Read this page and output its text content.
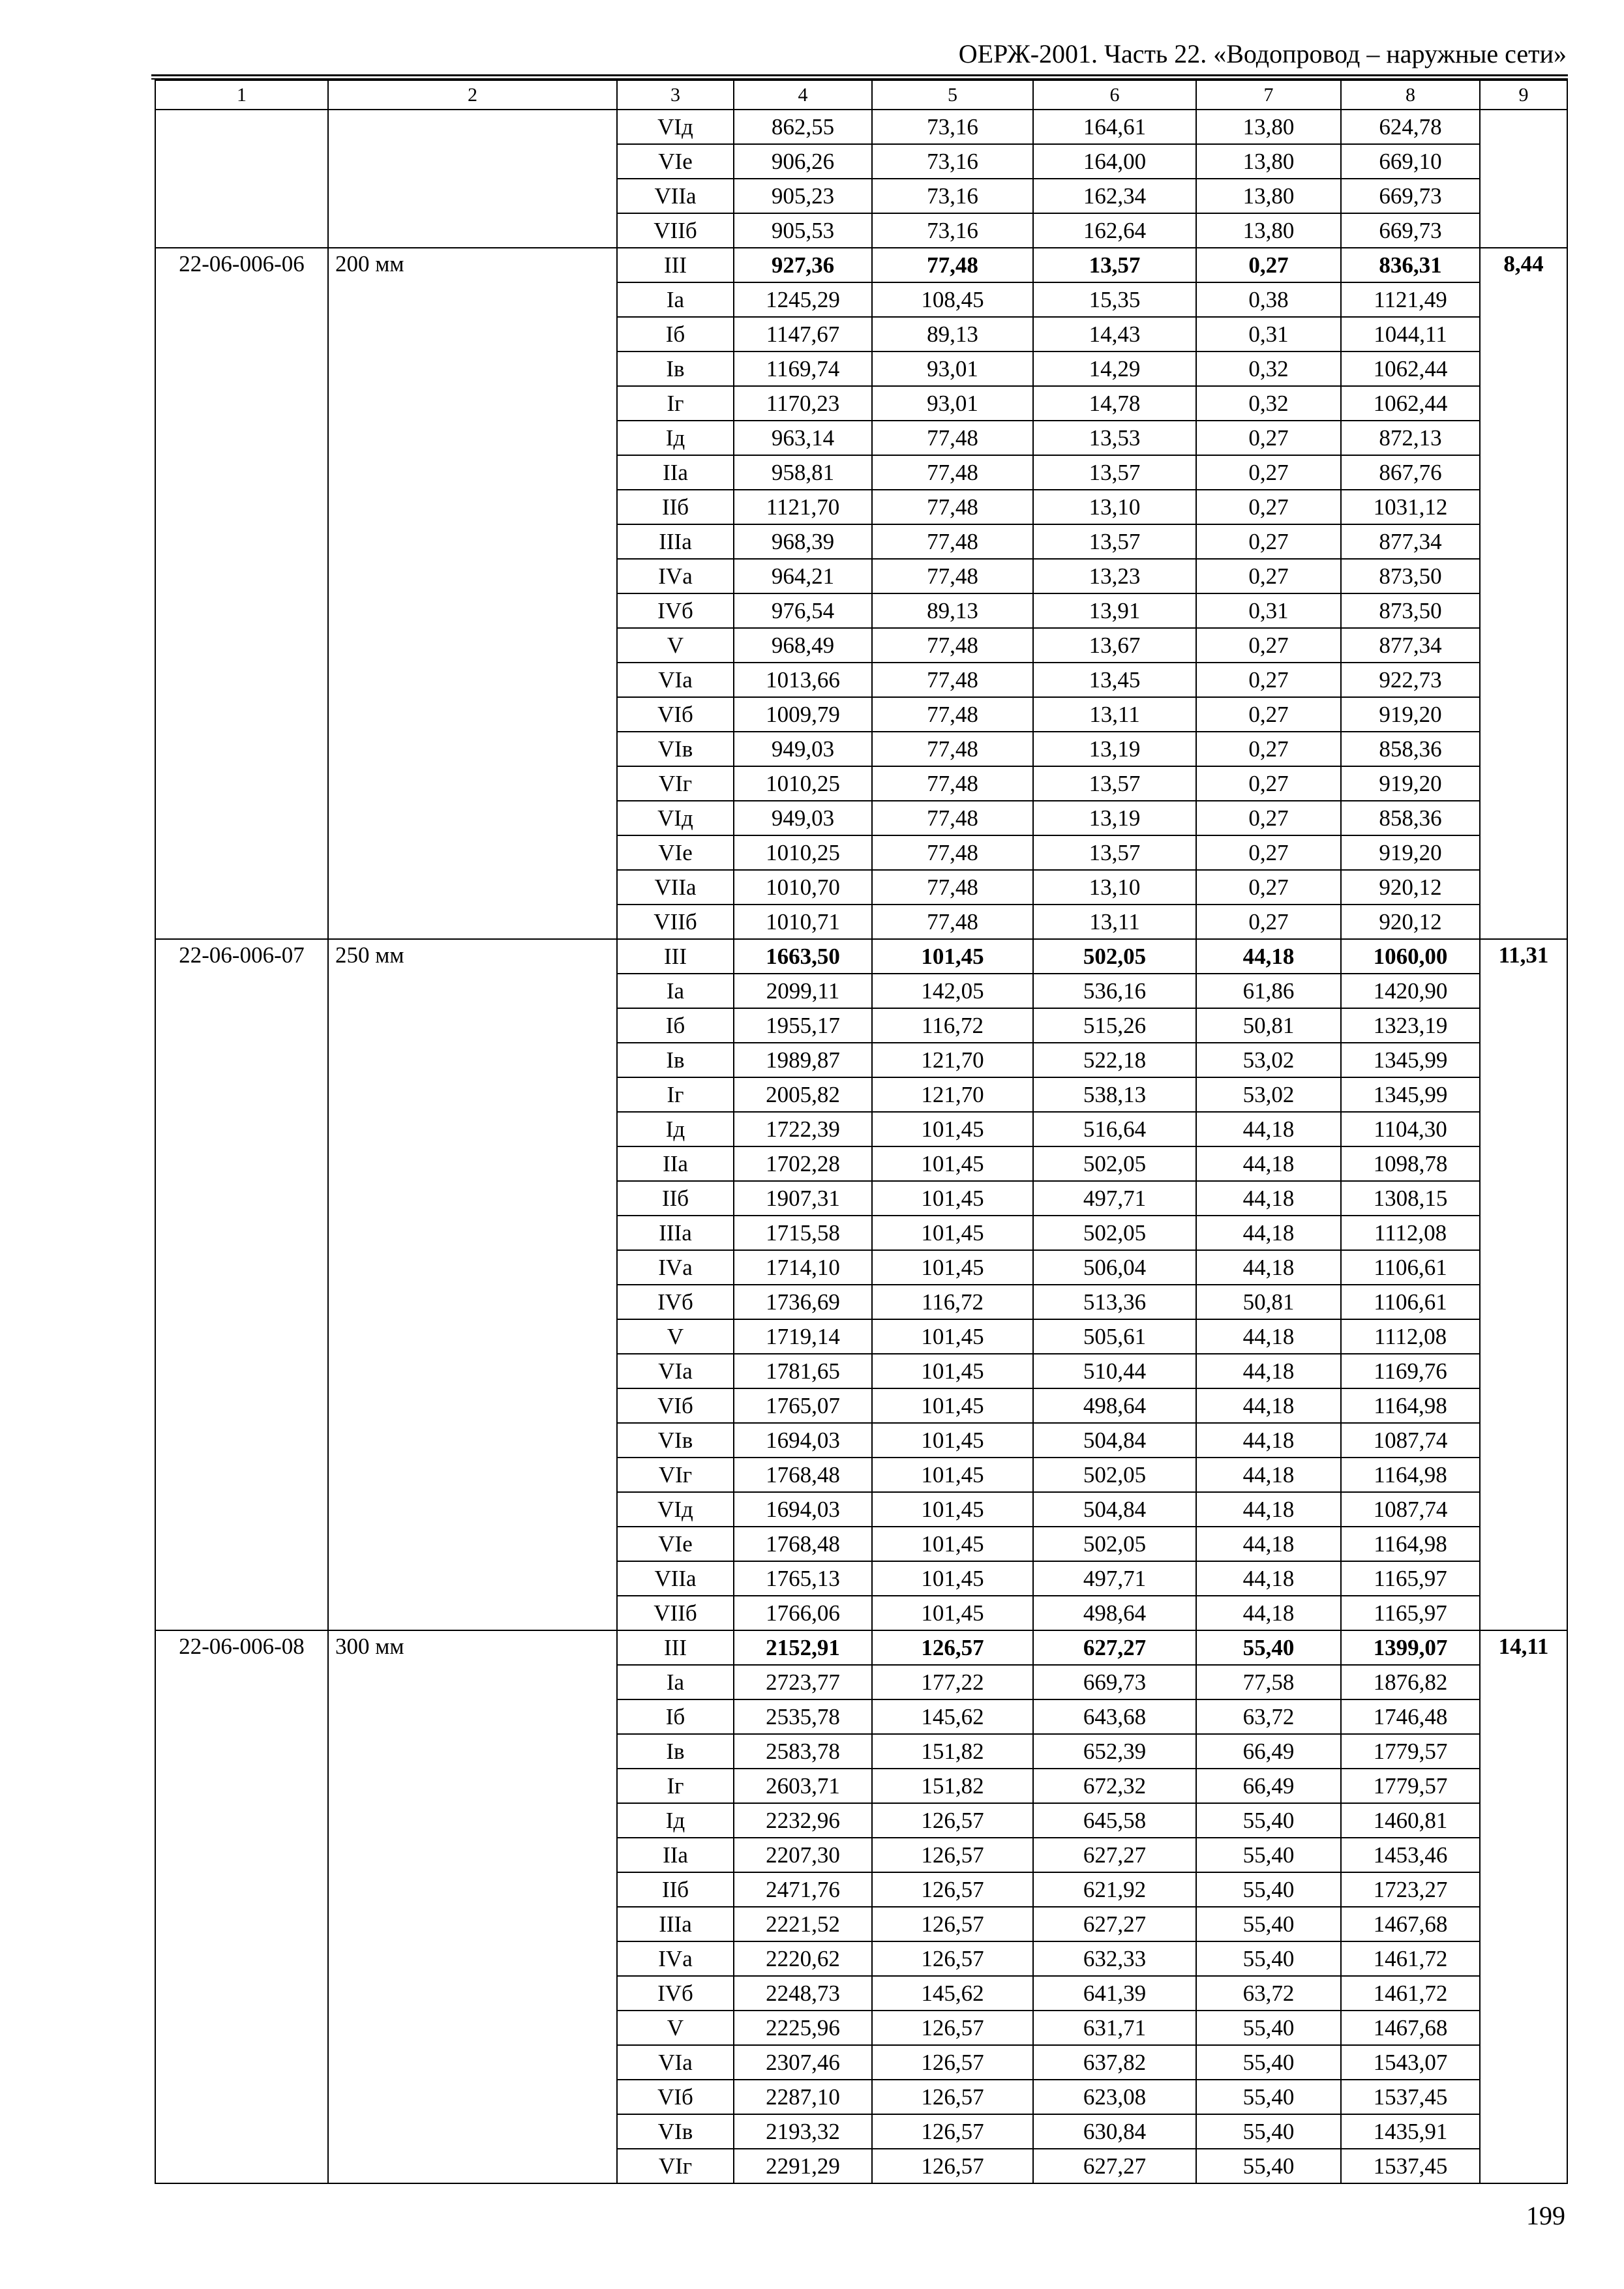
ОЕРЖ-2001. Часть 22. «Водопровод – наружные сети»
1	2	3	4	5	6	7	8	9
		VIд	862,55	73,16	164,61	13,80	624,78	
		VIе	906,26	73,16	164,00	13,80	669,10	
		VIIа	905,23	73,16	162,34	13,80	669,73	
		VIIб	905,53	73,16	162,64	13,80	669,73	
22-06-006-06	200 мм	III	927,36	77,48	13,57	0,27	836,31	8,44
		Iа	1245,29	108,45	15,35	0,38	1121,49	
		Iб	1147,67	89,13	14,43	0,31	1044,11	
		Iв	1169,74	93,01	14,29	0,32	1062,44	
		Iг	1170,23	93,01	14,78	0,32	1062,44	
		Iд	963,14	77,48	13,53	0,27	872,13	
		IIа	958,81	77,48	13,57	0,27	867,76	
		IIб	1121,70	77,48	13,10	0,27	1031,12	
		IIIа	968,39	77,48	13,57	0,27	877,34	
		IVа	964,21	77,48	13,23	0,27	873,50	
		IVб	976,54	89,13	13,91	0,31	873,50	
		V	968,49	77,48	13,67	0,27	877,34	
		VIа	1013,66	77,48	13,45	0,27	922,73	
		VIб	1009,79	77,48	13,11	0,27	919,20	
		VIв	949,03	77,48	13,19	0,27	858,36	
		VIг	1010,25	77,48	13,57	0,27	919,20	
		VIд	949,03	77,48	13,19	0,27	858,36	
		VIе	1010,25	77,48	13,57	0,27	919,20	
		VIIа	1010,70	77,48	13,10	0,27	920,12	
		VIIб	1010,71	77,48	13,11	0,27	920,12	
22-06-006-07	250 мм	III	1663,50	101,45	502,05	44,18	1060,00	11,31
		Iа	2099,11	142,05	536,16	61,86	1420,90	
		Iб	1955,17	116,72	515,26	50,81	1323,19	
		Iв	1989,87	121,70	522,18	53,02	1345,99	
		Iг	2005,82	121,70	538,13	53,02	1345,99	
		Iд	1722,39	101,45	516,64	44,18	1104,30	
		IIа	1702,28	101,45	502,05	44,18	1098,78	
		IIб	1907,31	101,45	497,71	44,18	1308,15	
		IIIа	1715,58	101,45	502,05	44,18	1112,08	
		IVа	1714,10	101,45	506,04	44,18	1106,61	
		IVб	1736,69	116,72	513,36	50,81	1106,61	
		V	1719,14	101,45	505,61	44,18	1112,08	
		VIа	1781,65	101,45	510,44	44,18	1169,76	
		VIб	1765,07	101,45	498,64	44,18	1164,98	
		VIв	1694,03	101,45	504,84	44,18	1087,74	
		VIг	1768,48	101,45	502,05	44,18	1164,98	
		VIд	1694,03	101,45	504,84	44,18	1087,74	
		VIе	1768,48	101,45	502,05	44,18	1164,98	
		VIIа	1765,13	101,45	497,71	44,18	1165,97	
		VIIб	1766,06	101,45	498,64	44,18	1165,97	
22-06-006-08	300 мм	III	2152,91	126,57	627,27	55,40	1399,07	14,11
		Iа	2723,77	177,22	669,73	77,58	1876,82	
		Iб	2535,78	145,62	643,68	63,72	1746,48	
		Iв	2583,78	151,82	652,39	66,49	1779,57	
		Iг	2603,71	151,82	672,32	66,49	1779,57	
		Iд	2232,96	126,57	645,58	55,40	1460,81	
		IIа	2207,30	126,57	627,27	55,40	1453,46	
		IIб	2471,76	126,57	621,92	55,40	1723,27	
		IIIа	2221,52	126,57	627,27	55,40	1467,68	
		IVа	2220,62	126,57	632,33	55,40	1461,72	
		IVб	2248,73	145,62	641,39	63,72	1461,72	
		V	2225,96	126,57	631,71	55,40	1467,68	
		VIа	2307,46	126,57	637,82	55,40	1543,07	
		VIб	2287,10	126,57	623,08	55,40	1537,45	
		VIв	2193,32	126,57	630,84	55,40	1435,91	
		VIг	2291,29	126,57	627,27	55,40	1537,45	
199
